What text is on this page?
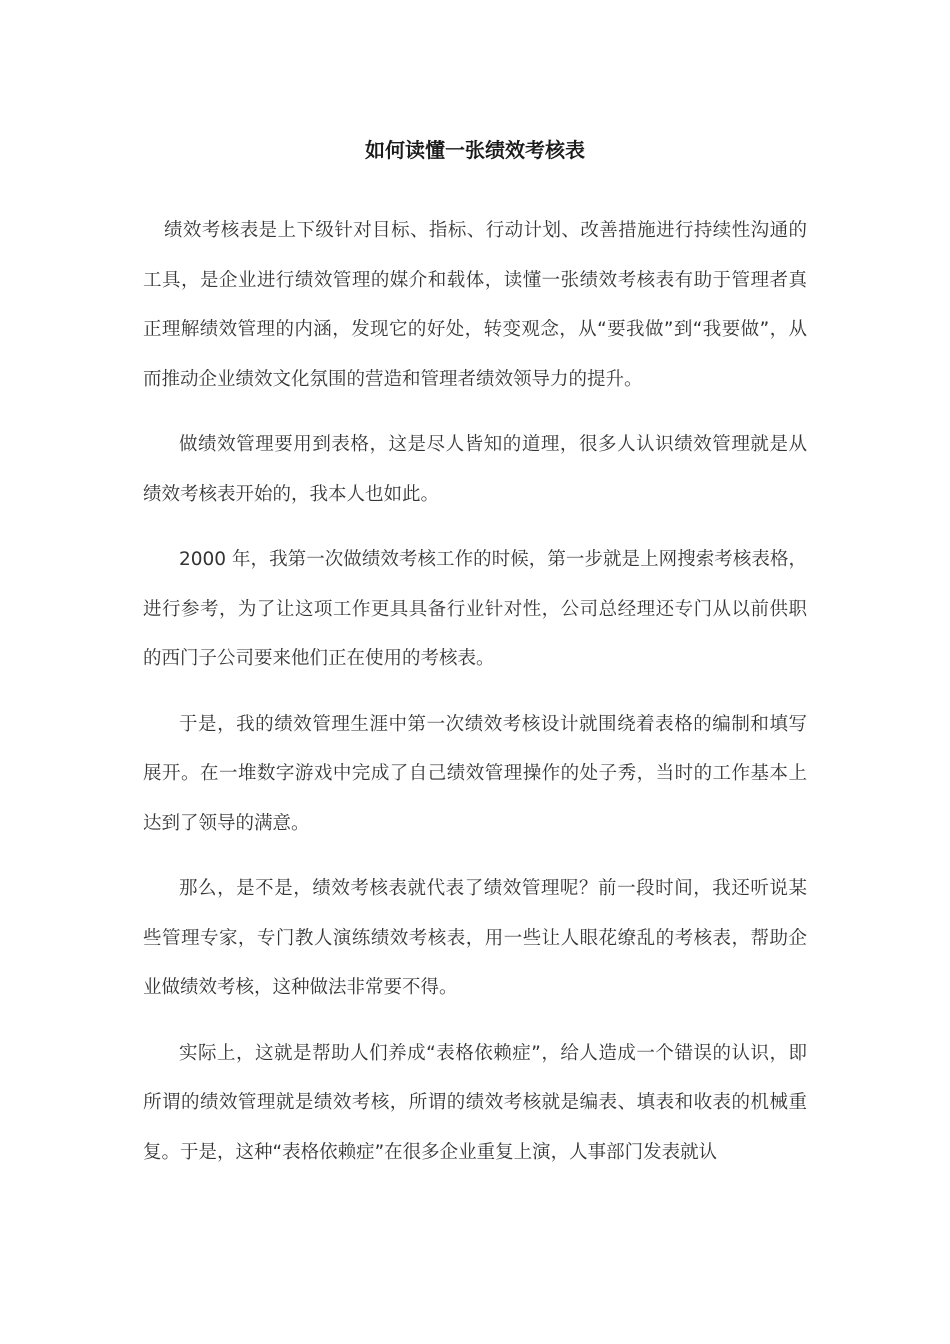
如何读懂一张绩效考核表

绩效考核表是上下级针对目标、指标、行动计划、改善措施进行持续性沟通的工具，是企业进行绩效管理的媒介和载体，读懂一张绩效考核表有助于管理者真正理解绩效管理的内涵，发现它的好处，转变观念，从“要我做”到“我要做”，从而推动企业绩效文化氛围的营造和管理者绩效领导力的提升。

做绩效管理要用到表格，这是尽人皆知的道理，很多人认识绩效管理就是从绩效考核表开始的，我本人也如此。

2000 年，我第一次做绩效考核工作的时候，第一步就是上网搜索考核表格，进行参考，为了让这项工作更具具备行业针对性，公司总经理还专门从以前供职的西门子公司要来他们正在使用的考核表。

于是，我的绩效管理生涯中第一次绩效考核设计就围绕着表格的编制和填写展开。在一堆数字游戏中完成了自己绩效管理操作的处子秀，当时的工作基本上达到了领导的满意。

那么，是不是，绩效考核表就代表了绩效管理呢？前一段时间，我还听说某些管理专家，专门教人演练绩效考核表，用一些让人眼花缭乱的考核表，帮助企业做绩效考核，这种做法非常要不得。

实际上，这就是帮助人们养成“表格依赖症”，给人造成一个错误的认识，即所谓的绩效管理就是绩效考核，所谓的绩效考核就是编表、填表和收表的机械重复。于是，这种“表格依赖症”在很多企业重复上演，人事部门发表就认
